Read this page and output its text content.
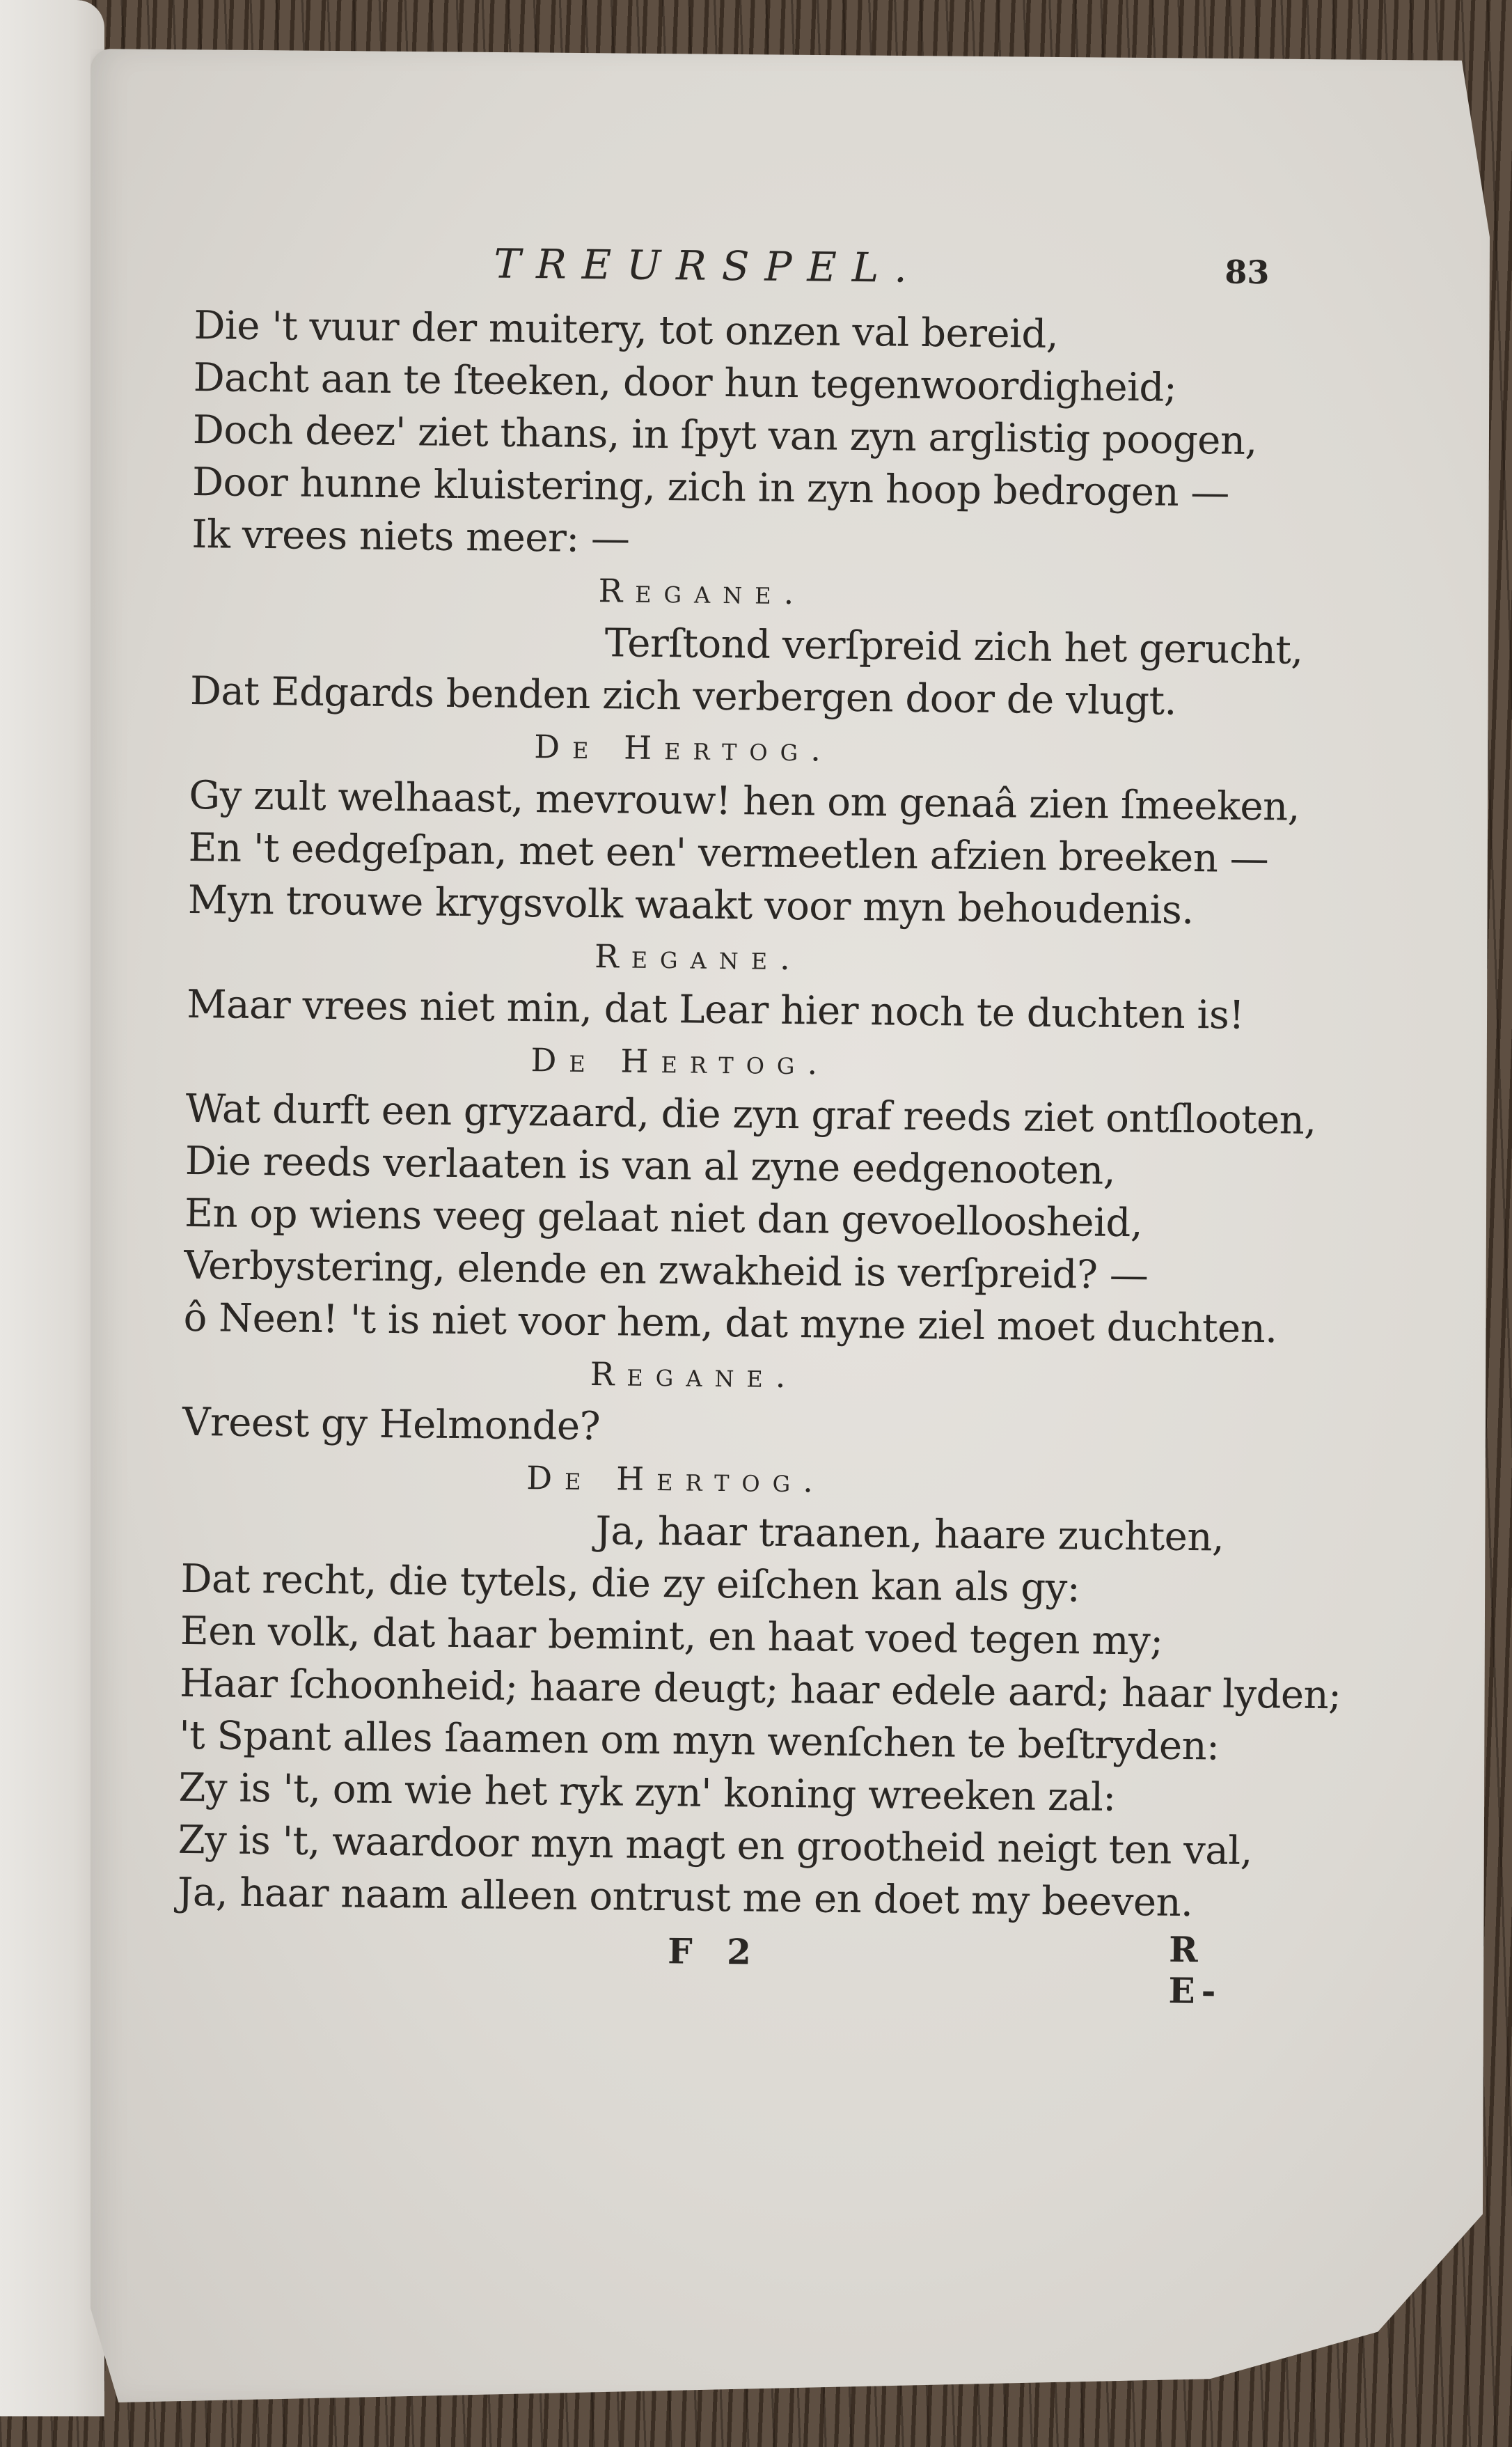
TREURSPEL.	83
Die 't vuur der muitery, tot onzen val bereid,
Dacht aan te ſteeken, door hun tegenwoordigheid;
Doch deez' ziet thans, in ſpyt van zyn arglistig poogen,
Door hunne kluistering, zich in zyn hoop bedrogen —
Ik vrees niets meer: —
Regane.
Terſtond verſpreid zich het gerucht,
Dat Edgards benden zich verbergen door de vlugt.
De Hertog.
Gy zult welhaast, mevrouw! hen om genaâ zien ſmeeken,
En 't eedgeſpan, met een' vermeetlen afzien breeken —
Myn trouwe krygsvolk waakt voor myn behoudenis.
Regane.
Maar vrees niet min, dat Lear hier noch te duchten is!
De Hertog.
Wat durft een gryzaard, die zyn graf reeds ziet ontſlooten,
Die reeds verlaaten is van al zyne eedgenooten,
En op wiens veeg gelaat niet dan gevoelloosheid,
Verbystering, elende en zwakheid is verſpreid? —
ô Neen! 't is niet voor hem, dat myne ziel moet duchten.
Regane.
Vreest gy Helmonde?
De Hertog.
Ja, haar traanen, haare zuchten,
Dat recht, die tytels, die zy eiſchen kan als gy:
Een volk, dat haar bemint, en haat voed tegen my;
Haar ſchoonheid; haare deugt; haar edele aard; haar lyden;
't Spant alles ſaamen om myn wenſchen te beſtryden:
Zy is 't, om wie het ryk zyn' koning wreeken zal:
Zy is 't, waardoor myn magt en grootheid neigt ten val,
Ja, haar naam alleen ontrust me en doet my beeven.
F 2	R E-
